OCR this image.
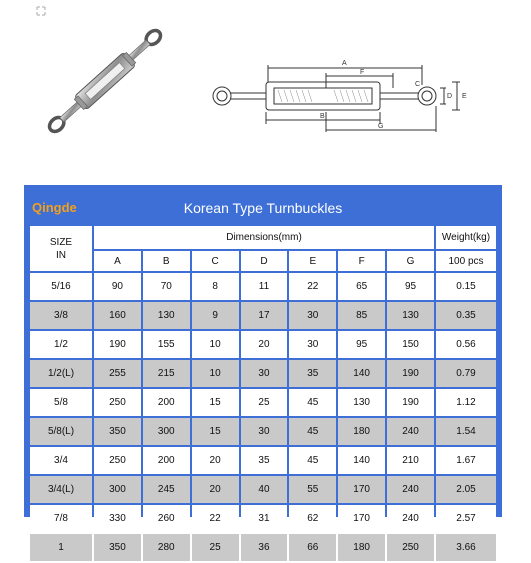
A
F
B
G
C
D E
Qingde	Korean Type Turnbuckles
SIZE
IN	Dimensions(mm)							Weight(kg)
	A	B	C	D	E	F	G	100 pcs
5/16	90	70	8	11	22	65	95	0.15
3/8	160	130	9	17	30	85	130	0.35
1/2	190	155	10	20	30	95	150	0.56
1/2(L)	255	215	10	30	35	140	190	0.79
5/8	250	200	15	25	45	130	190	1.12
5/8(L)	350	300	15	30	45	180	240	1.54
3/4	250	200	20	35	45	140	210	1.67
3/4(L)	300	245	20	40	55	170	240	2.05
7/8	330	260	22	31	62	170	240	2.57
1	350	280	25	36	66	180	250	3.66
